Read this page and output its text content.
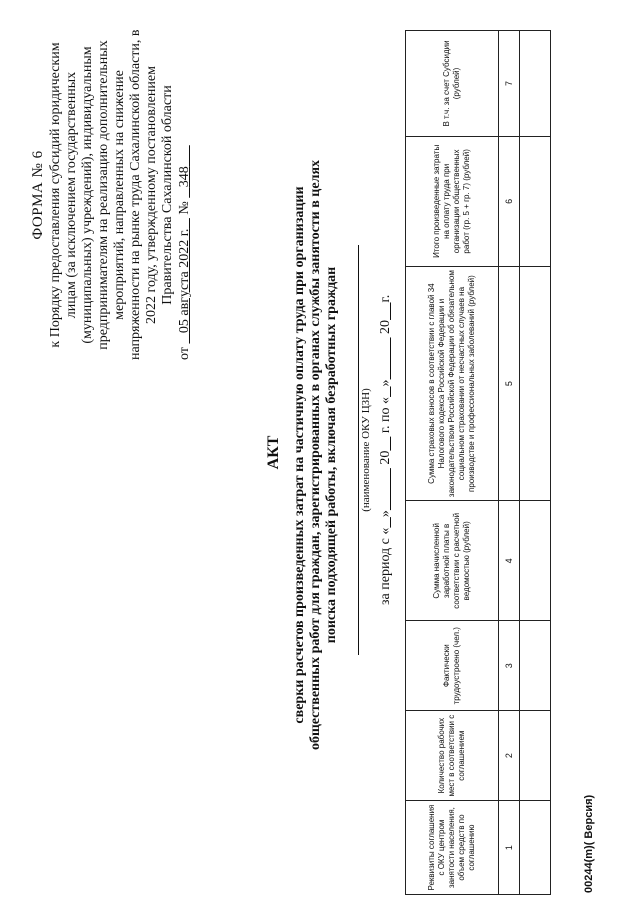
ФОРМА № 6 к Порядку предоставления субсидий юридическим лицам (за исключением государственных (муниципальных) учреждений), индивидуальным предпринимателям на реализацию дополнительных мероприятий, направленных на снижение напряженности на рынке труда Сахалинской области, в 2022 году, утвержденному постановлением Правительства Сахалинской области
от    05 августа 2022 г.    №    348
АКТ сверки расчетов произведенных затрат на частичную оплату труда при организации общественных работ для граждан, зарегистрированных в органах службы занятости в целях поиска подходящей работы, включая безработных граждан (наименование ОКУ ЦЗН)
за период с «   »             20     г. по «   »             20     г.
Реквизиты соглашения с ОКУ центром занятости населения, объем средств по соглашению	Количество рабочих мест в соответствии с соглашением	Фактически трудоустроено (чел.)	Сумма начисленной заработной платы в соответствии с расчетной ведомостью (рублей)	Сумма страховых взносов в соответствии с главой 34 Налогового кодекса Российской Федерации и законодательством Российской Федерации об обязательном социальном страховании от несчастных случаев на производстве и профессиональных заболеваний (рублей)	Итого произведенные затраты на оплату труда при организации общественных работ (гр. 5 + гр. 7) (рублей)	В т.ч. за счет Субсидии (рублей)
1	2	3	4	5	6	7

00244(m)( Версия)
